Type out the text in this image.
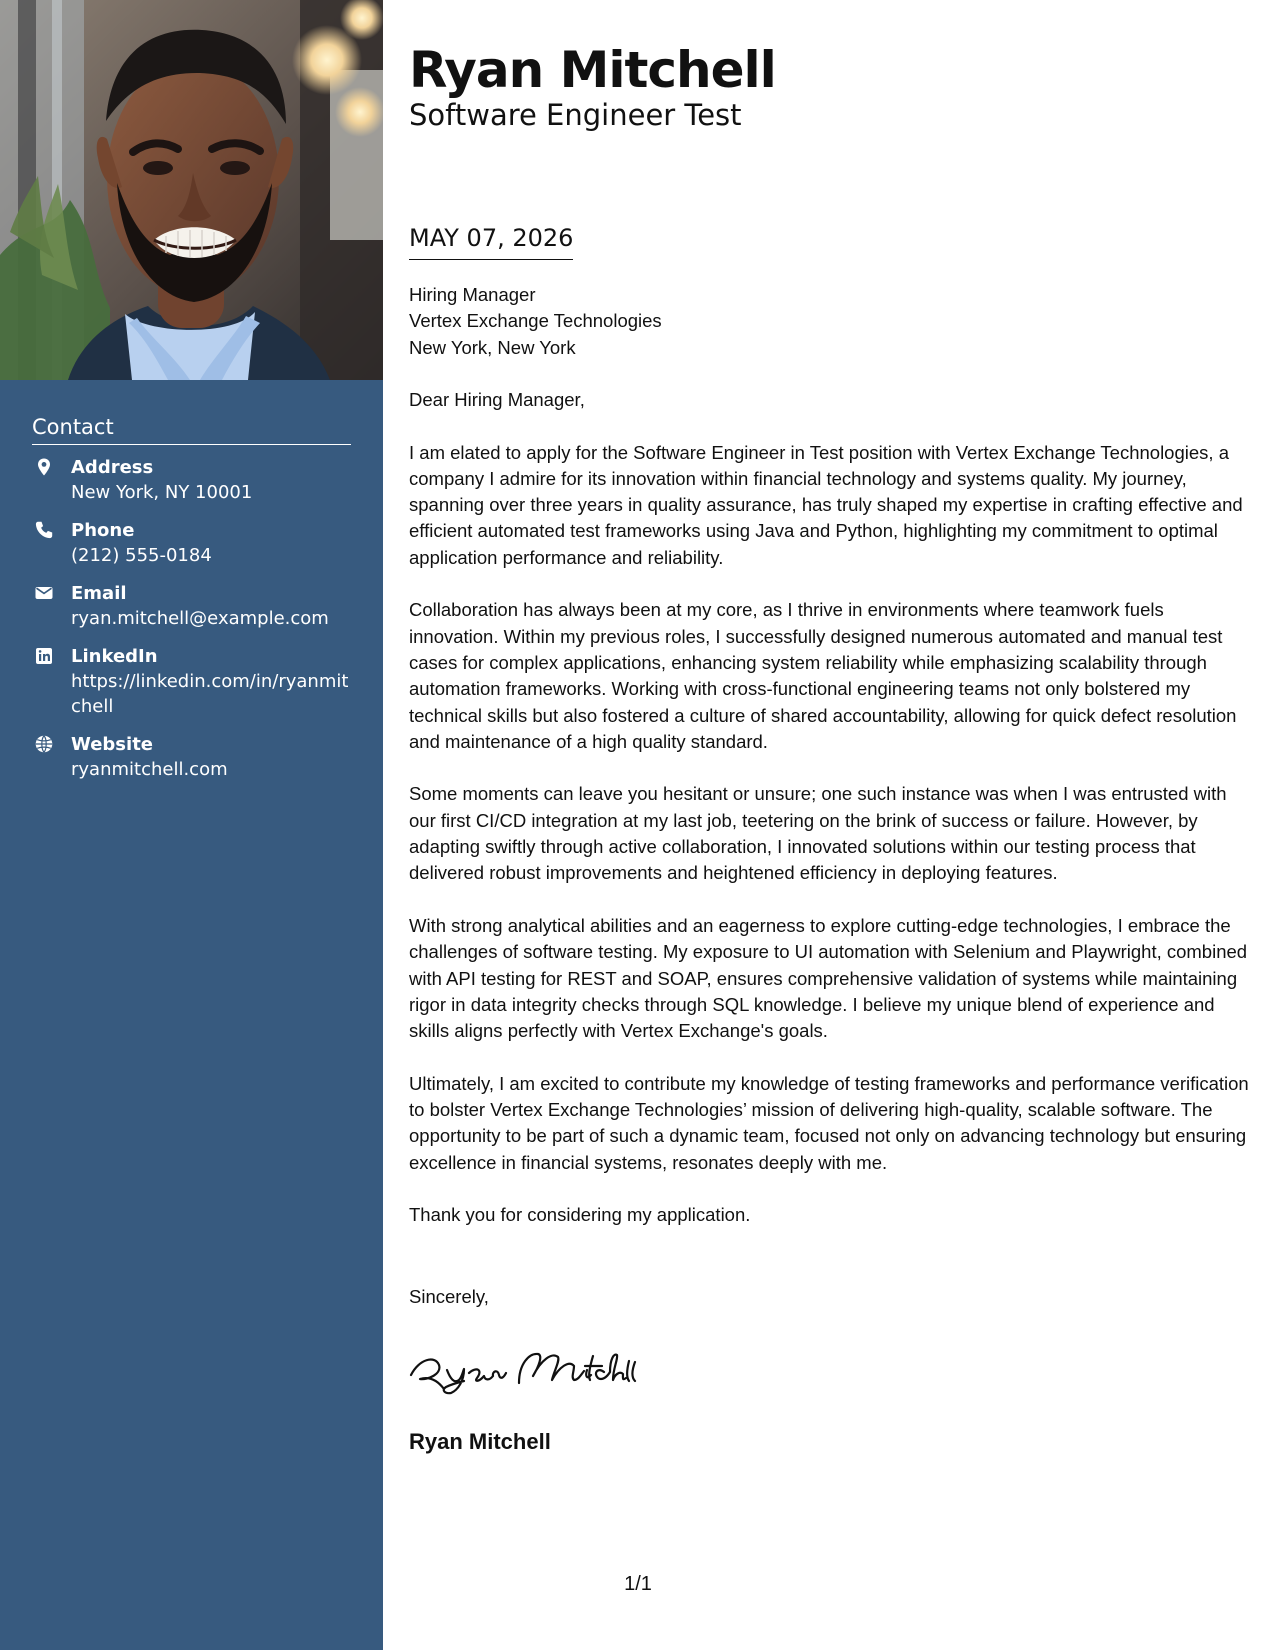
Contact
Address
New York, NY 10001
Phone
(212) 555-0184
Email
ryan.mitchell@example.com
LinkedIn
https://linkedin.com/in/ryanmitchell
Website
ryanmitchell.com
Ryan Mitchell
Software Engineer Test
MAY 07, 2026
Hiring Manager
Vertex Exchange Technologies
New York, New York
Dear Hiring Manager,

I am elated to apply for the Software Engineer in Test position with Vertex Exchange Technologies, a company I admire for its innovation within financial technology and systems quality. My journey, spanning over three years in quality assurance, has truly shaped my expertise in crafting effective and efficient automated test frameworks using Java and Python, highlighting my commitment to optimal application performance and reliability.

Collaboration has always been at my core, as I thrive in environments where teamwork fuels innovation. Within my previous roles, I successfully designed numerous automated and manual test cases for complex applications, enhancing system reliability while emphasizing scalability through automation frameworks. Working with cross-functional engineering teams not only bolstered my technical skills but also fostered a culture of shared accountability, allowing for quick defect resolution and maintenance of a high quality standard.

Some moments can leave you hesitant or unsure; one such instance was when I was entrusted with our first CI/CD integration at my last job, teetering on the brink of success or failure. However, by adapting swiftly through active collaboration, I innovated solutions within our testing process that delivered robust improvements and heightened efficiency in deploying features.

With strong analytical abilities and an eagerness to explore cutting-edge technologies, I embrace the challenges of software testing. My exposure to UI automation with Selenium and Playwright, combined with API testing for REST and SOAP, ensures comprehensive validation of systems while maintaining rigor in data integrity checks through SQL knowledge. I believe my unique blend of experience and skills aligns perfectly with Vertex Exchange's goals.

Ultimately, I am excited to contribute my knowledge of testing frameworks and performance verification to bolster Vertex Exchange Technologies’ mission of delivering high-quality, scalable software. The opportunity to be part of such a dynamic team, focused not only on advancing technology but ensuring excellence in financial systems, resonates deeply with me.

Thank you for considering my application.

Sincerely,
Ryan Mitchell
1/1
